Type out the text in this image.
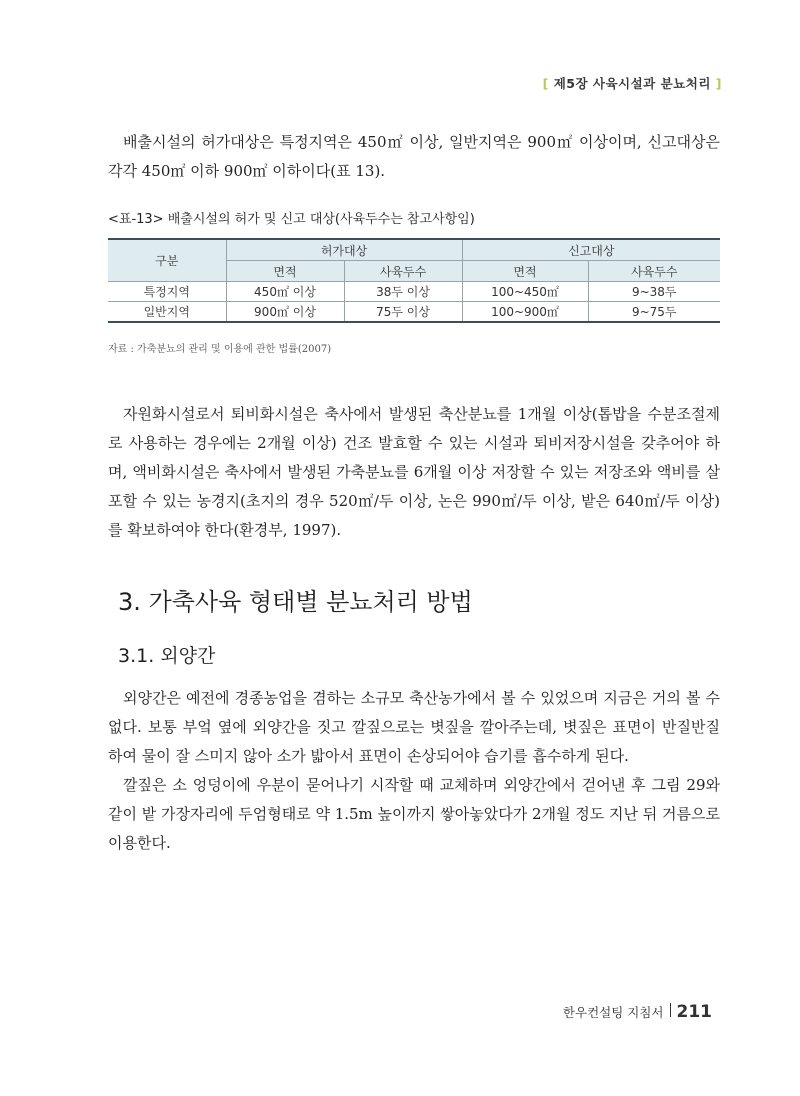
[ 제5장 사육시설과 분뇨처리 ]

배출시설의 허가대상은 특정지역은 450㎡ 이상, 일반지역은 900㎡ 이상이며, 신고대상은 각각 450㎡ 이하 900㎡ 이하이다(표 13).

<표-13> 배출시설의 허가 및 신고 대상(사육두수는 참고사항임)
구분	허가대상		신고대상	
	면적	사육두수	면적	사육두수
특정지역	450㎡ 이상	38두 이상	100~450㎡	9~38두
일반지역	900㎡ 이상	75두 이상	100~900㎡	9~75두
자료 : 가축분뇨의 관리 및 이용에 관한 법률(2007)

자원화시설로서 퇴비화시설은 축사에서 발생된 축산분뇨를 1개월 이상(톱밥을 수분조절제로 사용하는 경우에는 2개월 이상) 건조 발효할 수 있는 시설과 퇴비저장시설을 갖추어야 하며, 액비화시설은 축사에서 발생된 가축분뇨를 6개월 이상 저장할 수 있는 저장조와 액비를 살포할 수 있는 농경지(초지의 경우 520㎡/두 이상, 논은 990㎡/두 이상, 밭은 640㎡/두 이상)를 확보하여야 한다(환경부, 1997).

3. 가축사육 형태별 분뇨처리 방법
3.1. 외양간

외양간은 예전에 경종농업을 겸하는 소규모 축산농가에서 볼 수 있었으며 지금은 거의 볼 수 없다. 보통 부엌 옆에 외양간을 짓고 깔짚으로는 볏짚을 깔아주는데, 볏짚은 표면이 반질반질하여 물이 잘 스미지 않아 소가 밟아서 표면이 손상되어야 습기를 흡수하게 된다.

깔짚은 소 엉덩이에 우분이 묻어나기 시작할 때 교체하며 외양간에서 걷어낸 후 그림 29와 같이 밭 가장자리에 두엄형태로 약 1.5m 높이까지 쌓아놓았다가 2개월 정도 지난 뒤 거름으로 이용한다.

한우컨설팅 지침서 211
